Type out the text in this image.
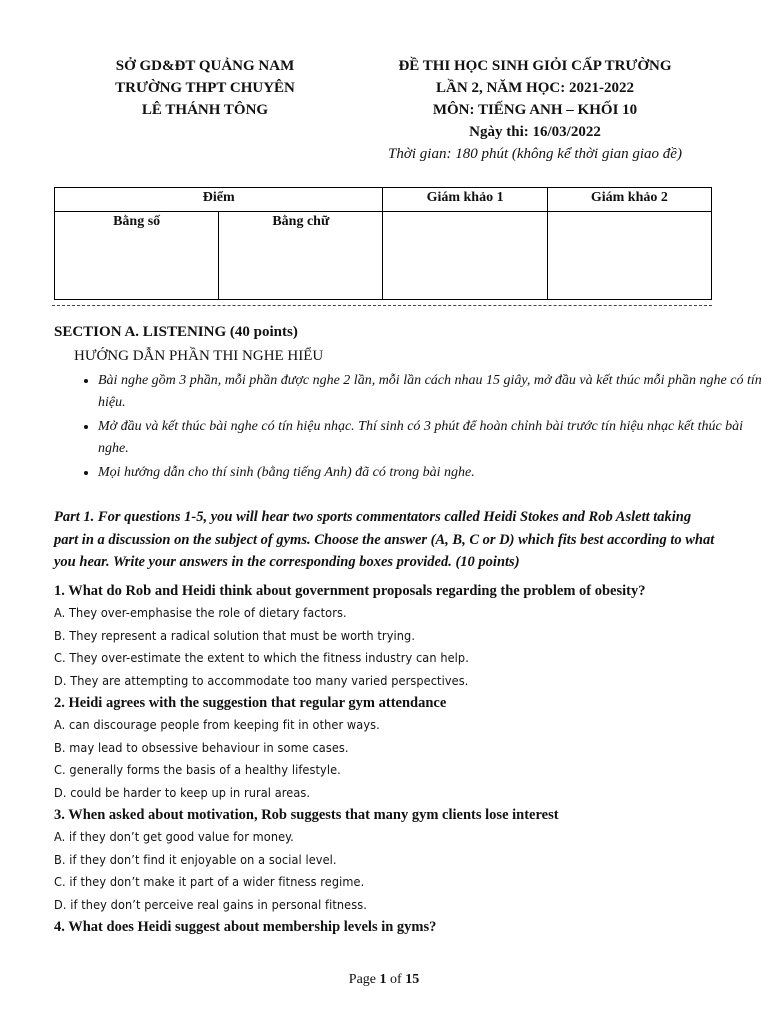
SỞ GD&ĐT QUẢNG NAM
TRƯỜNG THPT CHUYÊN
LÊ THÁNH TÔNG
ĐỀ THI HỌC SINH GIỎI CẤP TRƯỜNG
LẦN 2, NĂM HỌC: 2021-2022
MÔN: TIẾNG ANH – KHỐI 10
Ngày thi: 16/03/2022
Thời gian: 180 phút (không kể thời gian giao đề)
Điểm		Giám khảo 1	Giám khảo 2
Bằng số	Bằng chữ		
SECTION A. LISTENING (40 points)
HƯỚNG DẪN PHẦN THI NGHE HIỂU
• Bài nghe gồm 3 phần, mỗi phần được nghe 2 lần, mỗi lần cách nhau 15 giây, mở đầu và kết thúc mỗi phần nghe có tín hiệu.
• Mở đầu và kết thúc bài nghe có tín hiệu nhạc. Thí sinh có 3 phút để hoàn chỉnh bài trước tín hiệu nhạc kết thúc bài nghe.
• Mọi hướng dẫn cho thí sinh (bằng tiếng Anh) đã có trong bài nghe.
Part 1. For questions 1-5, you will hear two sports commentators called Heidi Stokes and Rob Aslett taking part in a discussion on the subject of gyms. Choose the answer (A, B, C or D) which fits best according to what you hear. Write your answers in the corresponding boxes provided. (10 points)
1. What do Rob and Heidi think about government proposals regarding the problem of obesity?
A. They over-emphasise the role of dietary factors.
B. They represent a radical solution that must be worth trying.
C. They over-estimate the extent to which the fitness industry can help.
D. They are attempting to accommodate too many varied perspectives.
2. Heidi agrees with the suggestion that regular gym attendance
A. can discourage people from keeping fit in other ways.
B. may lead to obsessive behaviour in some cases.
C. generally forms the basis of a healthy lifestyle.
D. could be harder to keep up in rural areas.
3. When asked about motivation, Rob suggests that many gym clients lose interest
A. if they don’t get good value for money.
B. if they don’t find it enjoyable on a social level.
C. if they don’t make it part of a wider fitness regime.
D. if they don’t perceive real gains in personal fitness.
4. What does Heidi suggest about membership levels in gyms?
Page 1 of 15
